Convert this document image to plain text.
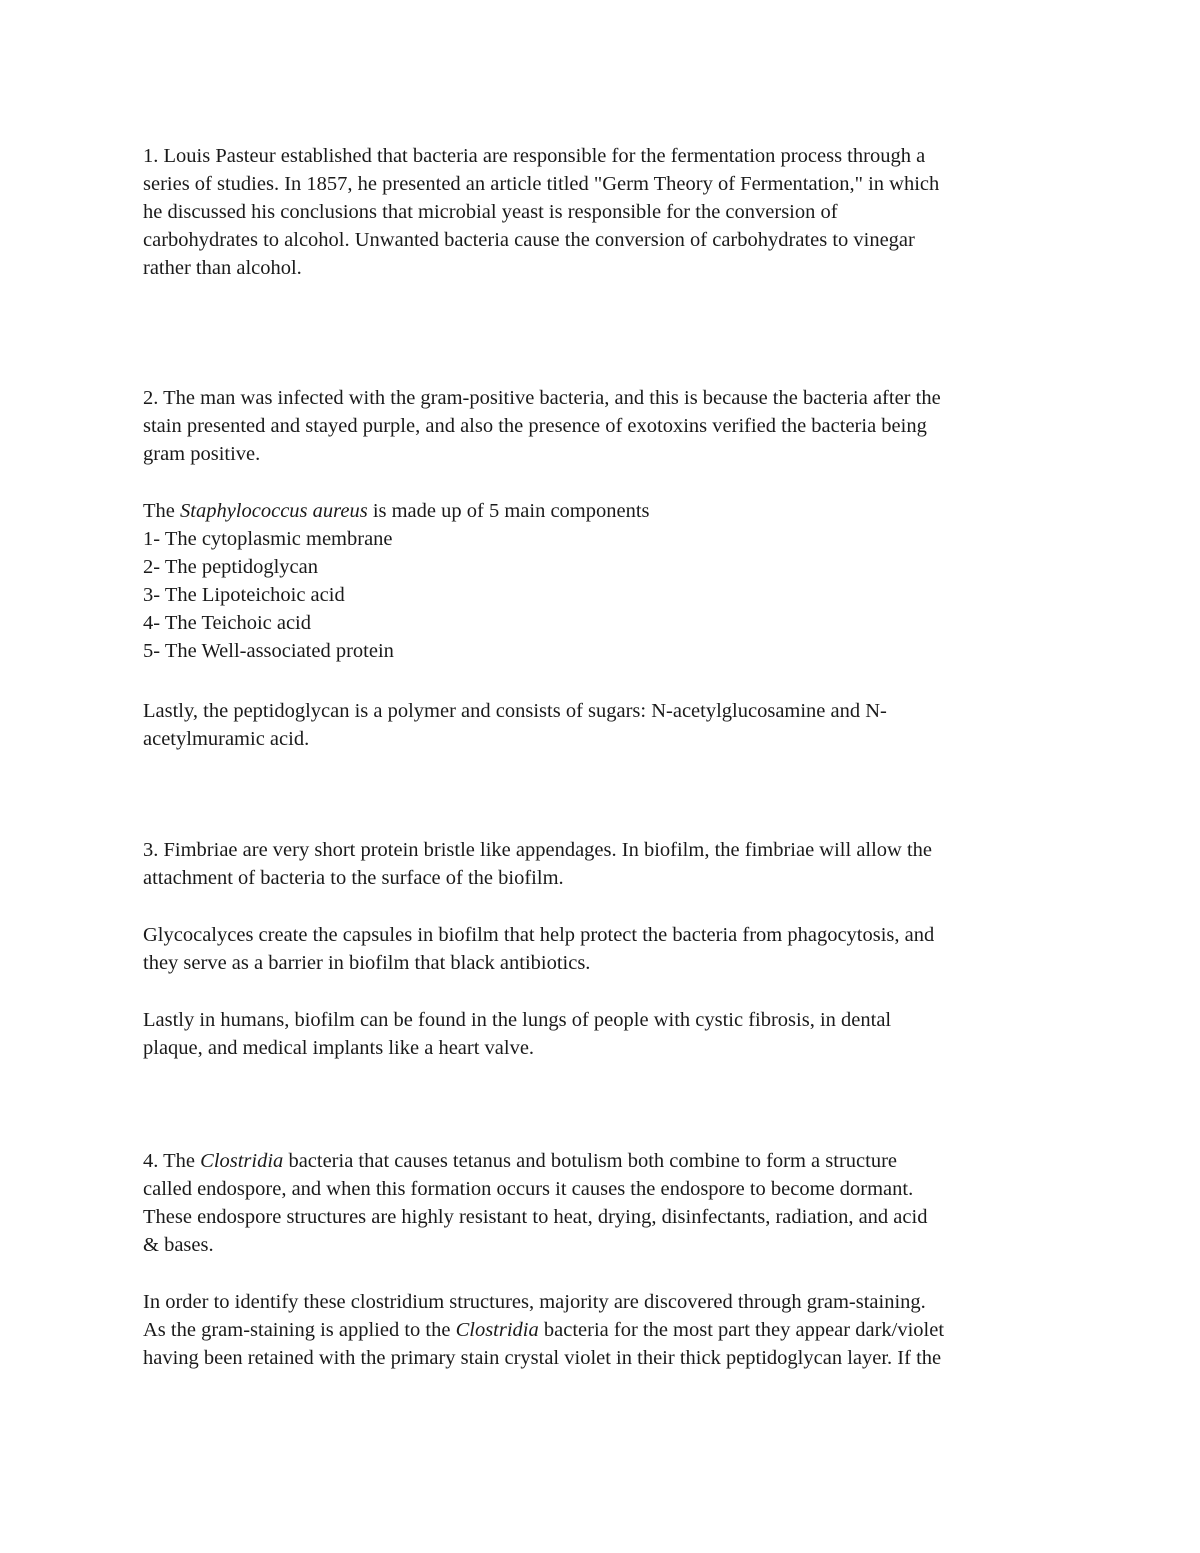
1. Louis Pasteur established that bacteria are responsible for the fermentation process through a
series of studies. In 1857, he presented an article titled "Germ Theory of Fermentation," in which
he discussed his conclusions that microbial yeast is responsible for the conversion of
carbohydrates to alcohol. Unwanted bacteria cause the conversion of carbohydrates to vinegar
rather than alcohol.
2. The man was infected with the gram-positive bacteria, and this is because the bacteria after the
stain presented and stayed purple, and also the presence of exotoxins verified the bacteria being
gram positive.
The Staphylococcus aureus is made up of 5 main components
1- The cytoplasmic membrane
2- The peptidoglycan
3- The Lipoteichoic acid
4- The Teichoic acid
5- The Well-associated protein
Lastly, the peptidoglycan is a polymer and consists of sugars: N-acetylglucosamine and N-
acetylmuramic acid.
3. Fimbriae are very short protein bristle like appendages. In biofilm, the fimbriae will allow the
attachment of bacteria to the surface of the biofilm.
Glycocalyces create the capsules in biofilm that help protect the bacteria from phagocytosis, and
they serve as a barrier in biofilm that black antibiotics.
Lastly in humans, biofilm can be found in the lungs of people with cystic fibrosis, in dental
plaque, and medical implants like a heart valve.
4. The Clostridia bacteria that causes tetanus and botulism both combine to form a structure
called endospore, and when this formation occurs it causes the endospore to become dormant.
These endospore structures are highly resistant to heat, drying, disinfectants, radiation, and acid
& bases.
In order to identify these clostridium structures, majority are discovered through gram-staining.
As the gram-staining is applied to the Clostridia bacteria for the most part they appear dark/violet
having been retained with the primary stain crystal violet in their thick peptidoglycan layer. If the
